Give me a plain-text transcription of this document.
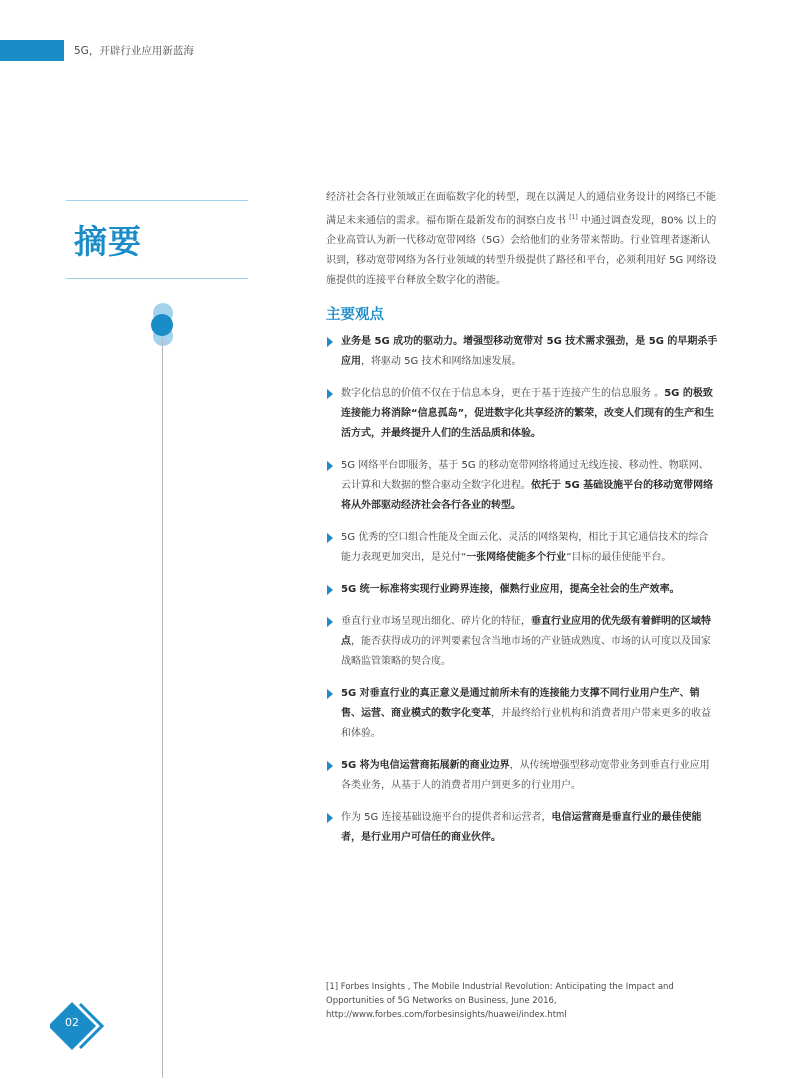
5G，开辟行业应用新蓝海
摘要

经济社会各行业领域正在面临数字化的转型，现在以满足人的通信业务设计的网络已不能满足未来通信的需求。福布斯在最新发布的洞察白皮书 [1] 中通过调查发现，80% 以上的企业高管认为新一代移动宽带网络（5G）会给他们的业务带来帮助。行业管理者逐渐认识到，移动宽带网络为各行业领域的转型升级提供了路径和平台，必须利用好 5G 网络设施提供的连接平台释放全数字化的潜能。

主要观点
业务是 5G 成功的驱动力。增强型移动宽带对 5G 技术需求强劲，是 5G 的早期杀手应用，将驱动 5G 技术和网络加速发展。
数字化信息的价值不仅在于信息本身，更在于基于连接产生的信息服务 。5G 的极致连接能力将消除“信息孤岛”，促进数字化共享经济的繁荣，改变人们现有的生产和生活方式，并最终提升人们的生活品质和体验。
5G 网络平台即服务，基于 5G 的移动宽带网络将通过无线连接、移动性、物联网、云计算和大数据的整合驱动全数字化进程。依托于 5G 基础设施平台的移动宽带网络将从外部驱动经济社会各行各业的转型。
5G 优秀的空口组合性能及全面云化、灵活的网络架构，相比于其它通信技术的综合能力表现更加突出，是兑付“一张网络使能多个行业”目标的最佳使能平台。
5G 统一标准将实现行业跨界连接，催熟行业应用，提高全社会的生产效率。
垂直行业市场呈现出细化、碎片化的特征，垂直行业应用的优先级有着鲜明的区域特点，能否获得成功的评判要素包含当地市场的产业链成熟度、市场的认可度以及国家战略监管策略的契合度。
5G 对垂直行业的真正意义是通过前所未有的连接能力支撑不同行业用户生产、销售、运营、商业模式的数字化变革，并最终给行业机构和消费者用户带来更多的收益和体验。
5G 将为电信运营商拓展新的商业边界，从传统增强型移动宽带业务到垂直行业应用各类业务，从基于人的消费者用户到更多的行业用户。
作为 5G 连接基础设施平台的提供者和运营者，电信运营商是垂直行业的最佳使能者，是行业用户可信任的商业伙伴。

[1] Forbes Insights , The Mobile Industrial Revolution: Anticipating the Impact and Opportunities of 5G Networks on Business, June 2016, http://www.forbes.com/forbesinsights/huawei/index.html

02
